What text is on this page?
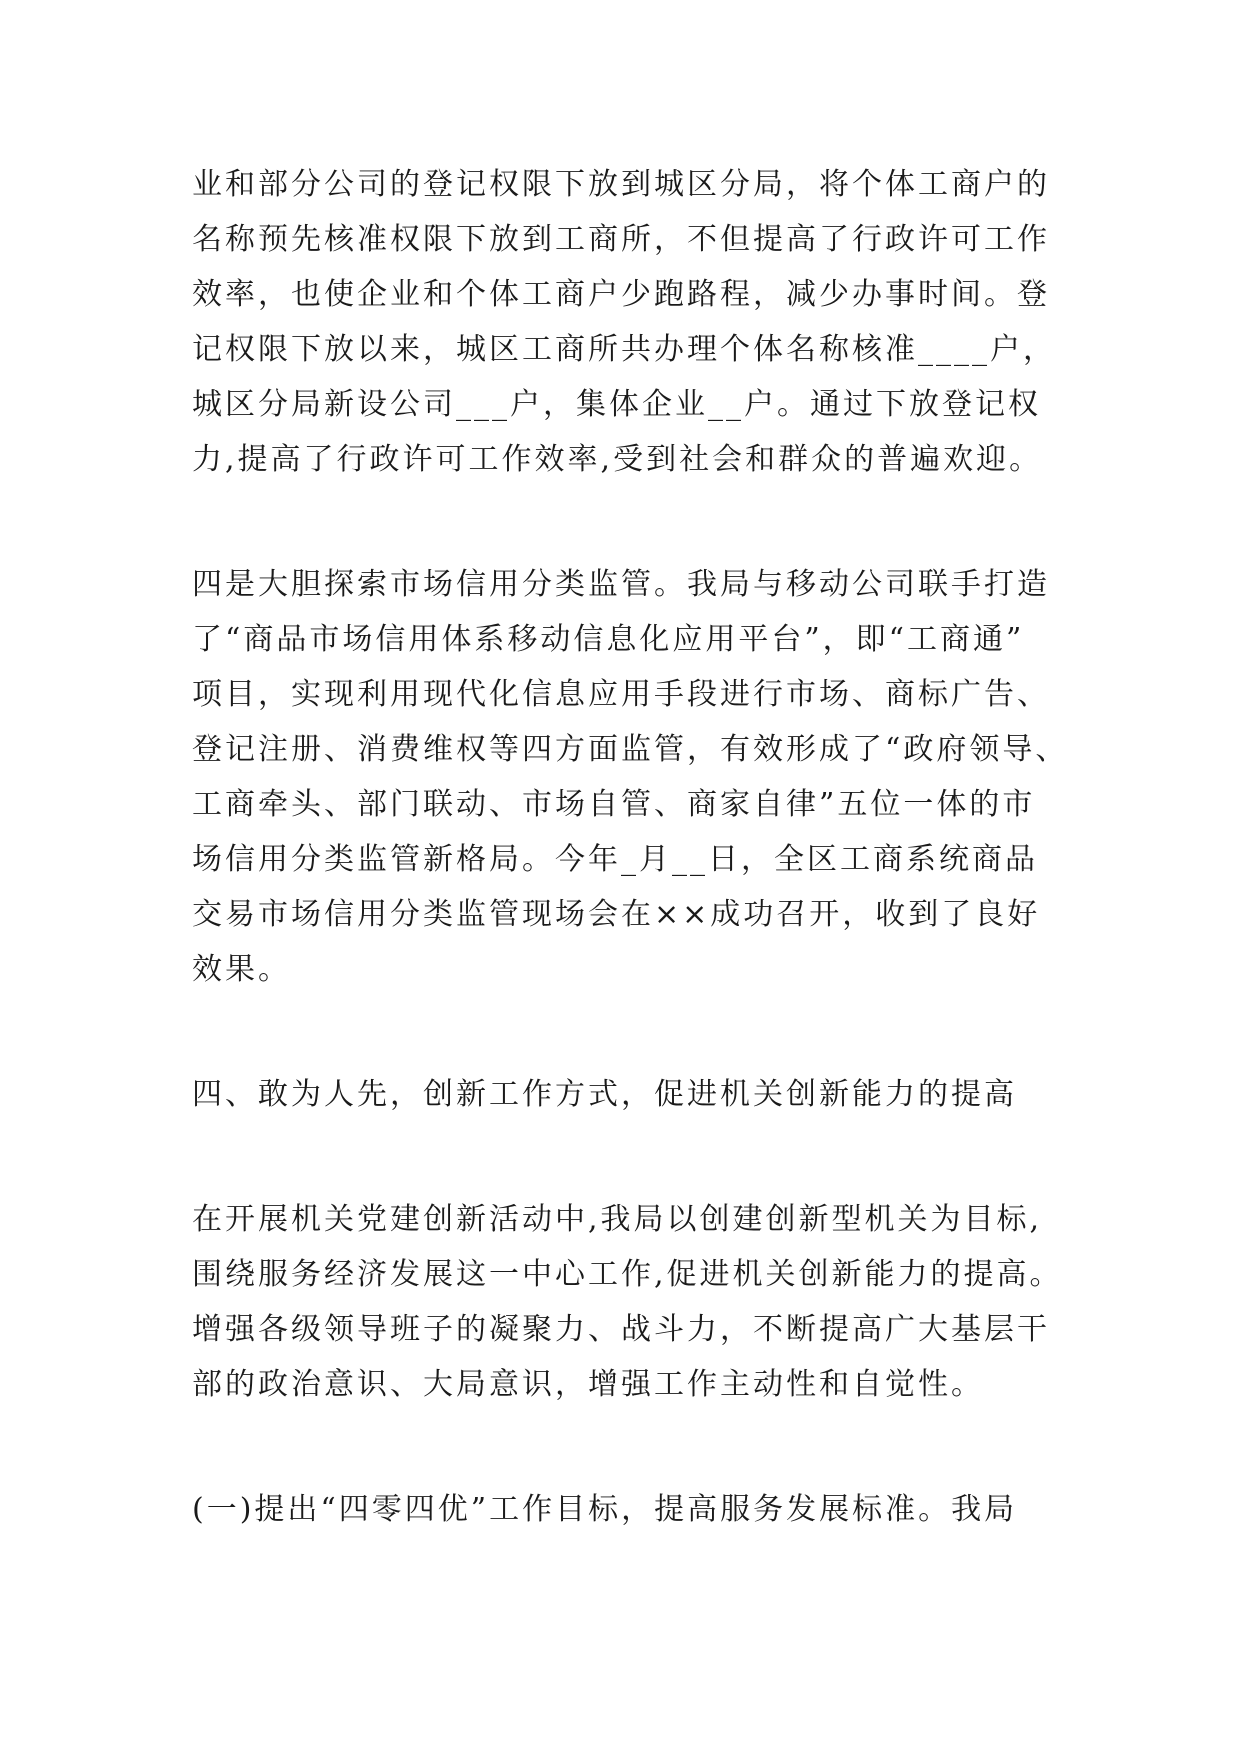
业和部分公司的登记权限下放到城区分局，将个体工商户的
名称预先核准权限下放到工商所，不但提高了行政许可工作
效率，也使企业和个体工商户少跑路程，减少办事时间。登
记权限下放以来，城区工商所共办理个体名称核准____户，
城区分局新设公司___户，集体企业__户。通过下放登记权
力,提高了行政许可工作效率,受到社会和群众的普遍欢迎。
四是大胆探索市场信用分类监管。我局与移动公司联手打造
了“商品市场信用体系移动信息化应用平台”，即“工商通”
项目，实现利用现代化信息应用手段进行市场、商标广告、
登记注册、消费维权等四方面监管，有效形成了“政府领导、
工商牵头、部门联动、市场自管、商家自律”五位一体的市
场信用分类监管新格局。今年_月__日，全区工商系统商品
交易市场信用分类监管现场会在××成功召开，收到了良好
效果。
四、敢为人先，创新工作方式，促进机关创新能力的提高
在开展机关党建创新活动中,我局以创建创新型机关为目标,
围绕服务经济发展这一中心工作,促进机关创新能力的提高。
增强各级领导班子的凝聚力、战斗力，不断提高广大基层干
部的政治意识、大局意识，增强工作主动性和自觉性。
(一)提出“四零四优”工作目标，提高服务发展标准。我局
